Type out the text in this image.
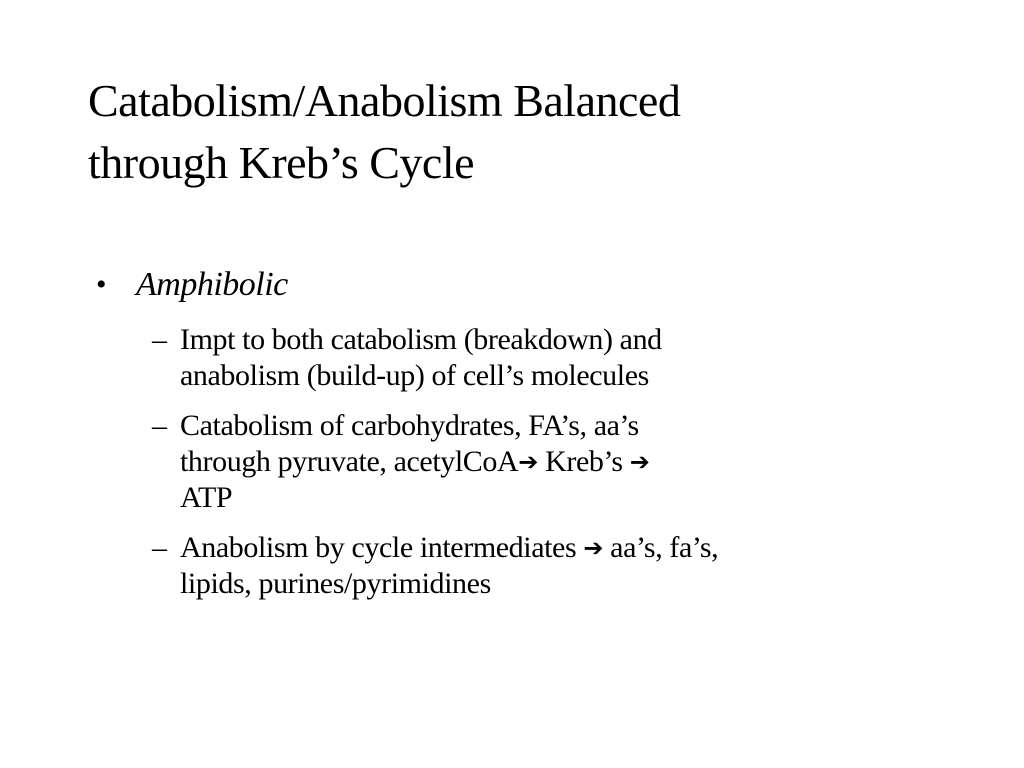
Catabolism/Anabolism Balanced
through Kreb’s Cycle
• Amphibolic
– Impt to both catabolism (breakdown) and
anabolism (build-up) of cell’s molecules
– Catabolism of carbohydrates, FA’s, aa’s
through pyruvate, acetylCoA➔ Kreb’s ➔
ATP
– Anabolism by cycle intermediates ➔ aa’s, fa’s,
lipids, purines/pyrimidines
